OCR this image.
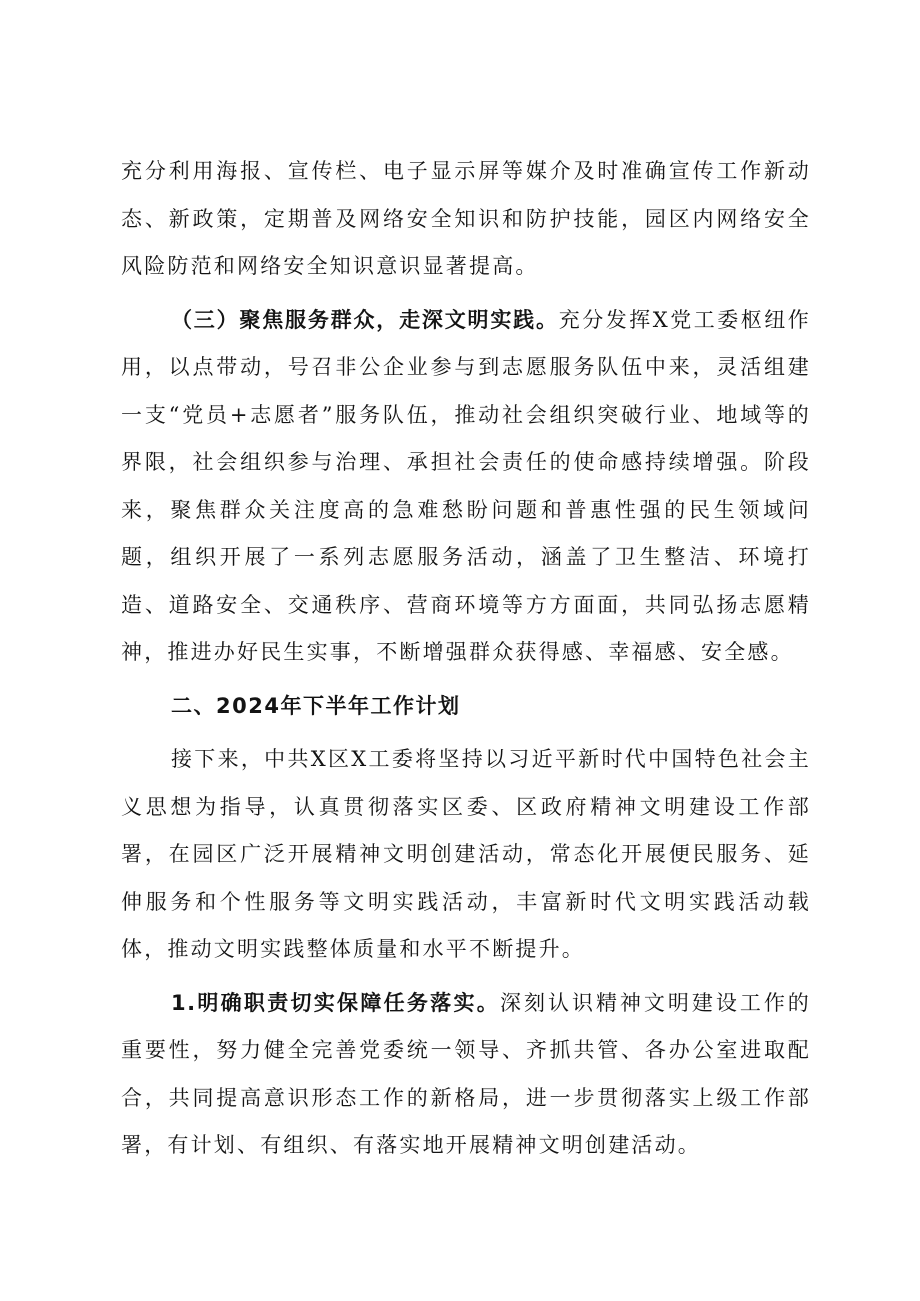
充分利用海报、宣传栏、电子显示屏等媒介及时准确宣传工作新动态、新政策，定期普及网络安全知识和防护技能，园区内网络安全风险防范和网络安全知识意识显著提高。

（三）聚焦服务群众，走深文明实践。充分发挥X党工委枢纽作用，以点带动，号召非公企业参与到志愿服务队伍中来，灵活组建一支“党员+志愿者”服务队伍，推动社会组织突破行业、地域等的界限，社会组织参与治理、承担社会责任的使命感持续增强。阶段来，聚焦群众关注度高的急难愁盼问题和普惠性强的民生领域问题，组织开展了一系列志愿服务活动，涵盖了卫生整洁、环境打造、道路安全、交通秩序、营商环境等方方面面，共同弘扬志愿精神，推进办好民生实事，不断增强群众获得感、幸福感、安全感。

二、2024年下半年工作计划

接下来，中共X区X工委将坚持以习近平新时代中国特色社会主义思想为指导，认真贯彻落实区委、区政府精神文明建设工作部署，在园区广泛开展精神文明创建活动，常态化开展便民服务、延伸服务和个性服务等文明实践活动，丰富新时代文明实践活动载体，推动文明实践整体质量和水平不断提升。

1.明确职责切实保障任务落实。深刻认识精神文明建设工作的重要性，努力健全完善党委统一领导、齐抓共管、各办公室进取配合，共同提高意识形态工作的新格局，进一步贯彻落实上级工作部署，有计划、有组织、有落实地开展精神文明创建活动。
